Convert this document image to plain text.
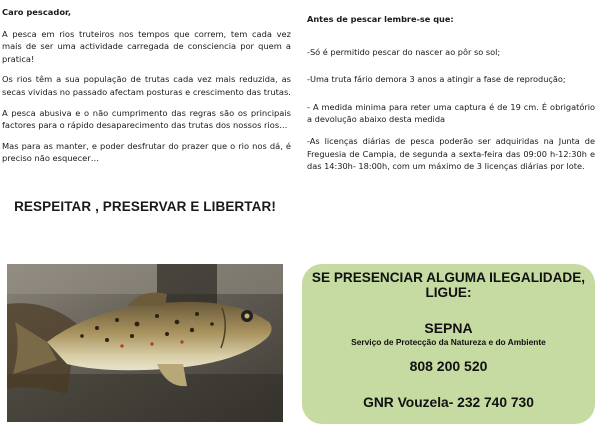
Caro pescador,

A pesca em rios truteiros nos tempos que correm, tem cada vez mais de ser uma actividade carregada de consciencia por quem a pratica!

Os rios têm a sua população de trutas cada vez mais reduzida, as secas vividas no passado afectam posturas e crescimento das trutas.

A pesca abusiva e o não cumprimento das regras são os principais factores para o rápido desaparecimento das trutas dos nossos rios…

Mas para as manter, e poder desfrutar do prazer que o rio nos dá, é preciso não esquecer…

RESPEITAR , PRESERVAR E LIBERTAR!

Antes de pescar lembre-se que:

-Só é permitido pescar do nascer ao pôr so sol;

-Uma truta fário demora 3 anos a atingir a fase de reprodução;

- A medida minima para reter uma captura é de 19 cm. É obrigatório a devolução abaixo desta medida

-As licenças diárias de pesca poderão ser adquiridas na Junta de Freguesia de Campia, de segunda a sexta-feira das 09:00 h-12:30h e das 14:30h- 18:00h, com um máximo de 3 licenças diárias por lote.

SE PRESENCIAR ALGUMA ILEGALIDADE, LIGUE:
SEPNA
Serviço de Protecção da Natureza e do Ambiente
808 200 520
GNR Vouzela- 232 740 730
